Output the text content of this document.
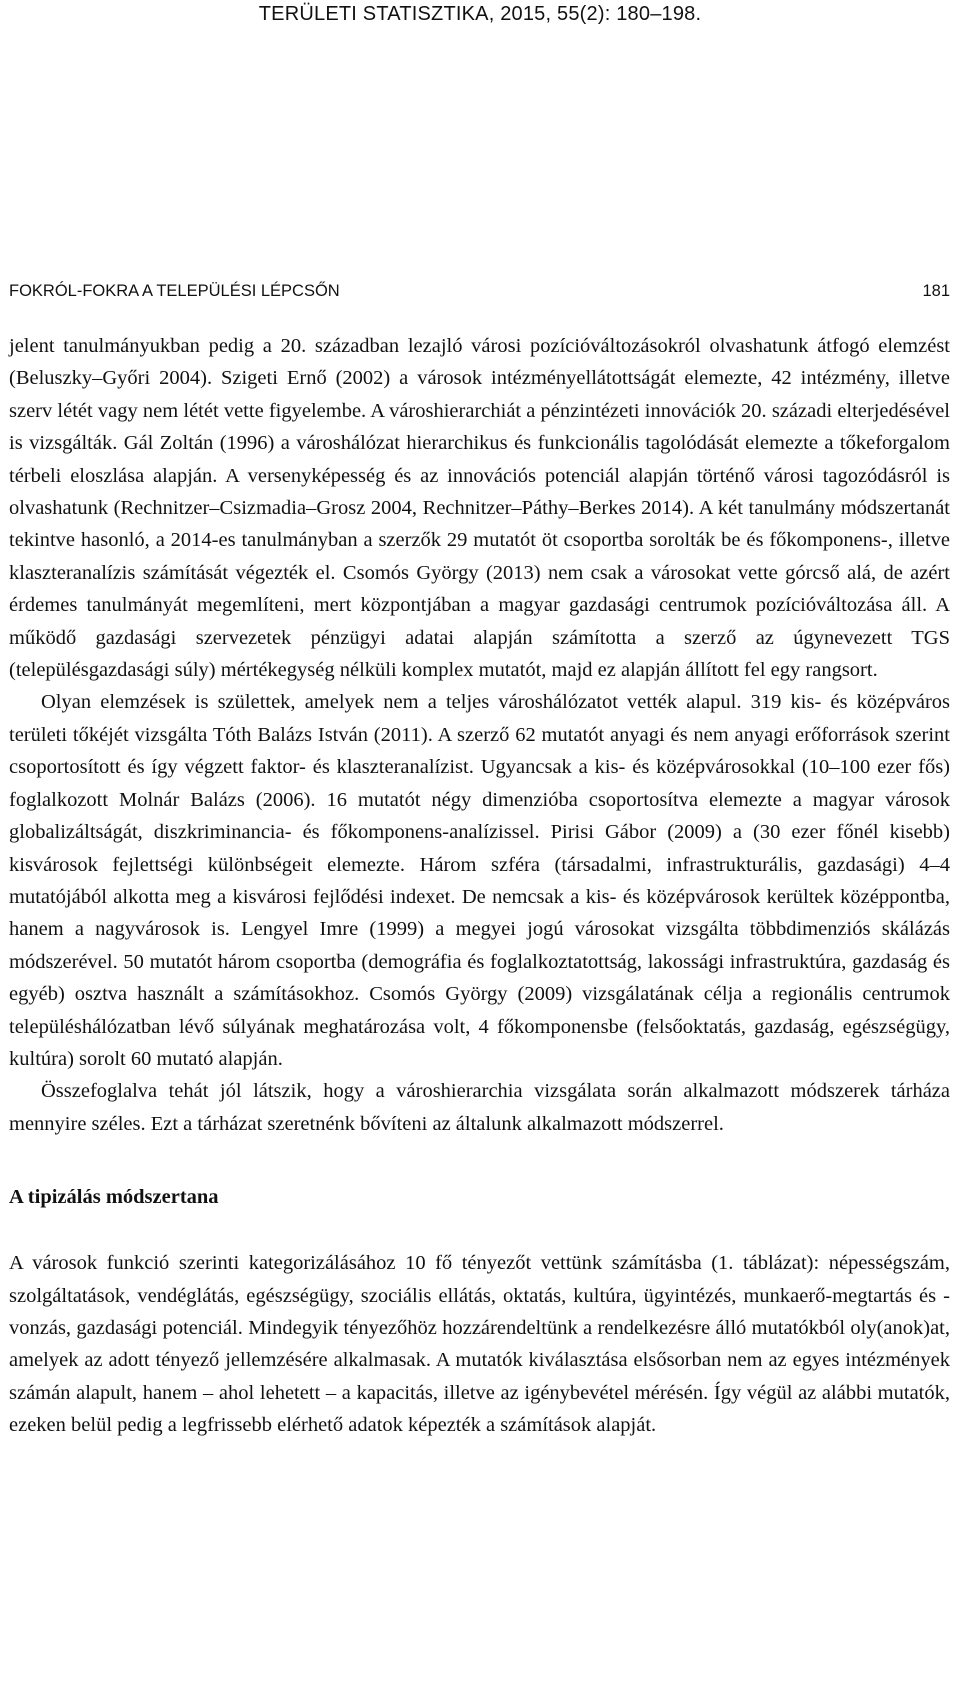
TERÜLETI STATISZTIKA, 2015, 55(2): 180–198.
FOKRÓL-FOKRA A TELEPÜLÉSI LÉPCSŐN	181

jelent tanulmányukban pedig a 20. században lezajló városi pozícióváltozásokról olvashatunk átfogó elemzést (Beluszky–Győri 2004). Szigeti Ernő (2002) a városok intézményellátottságát elemezte, 42 intézmény, illetve szerv létét vagy nem létét vette figyelembe. A városhierarchiát a pénzintézeti innovációk 20. századi elterjedésével is vizsgálták. Gál Zoltán (1996) a városhálózat hierarchikus és funkcionális tagolódását elemezte a tőkeforgalom térbeli eloszlása alapján. A versenyképesség és az innovációs potenciál alapján történő városi tagozódásról is olvashatunk (Rechnitzer–Csizmadia–Grosz 2004, Rechnitzer–Páthy–Berkes 2014). A két tanulmány módszertanát tekintve hasonló, a 2014-es tanulmányban a szerzők 29 mutatót öt csoportba sorolták be és főkomponens-, illetve klaszteranalízis számítását végezték el. Csomós György (2013) nem csak a városokat vette górcső alá, de azért érdemes tanulmányát megemlíteni, mert központjában a magyar gazdasági centrumok pozícióváltozása áll. A működő gazdasági szervezetek pénzügyi adatai alapján számította a szerző az úgynevezett TGS (településgazdasági súly) mértékegység nélküli komplex mutatót, majd ez alapján állított fel egy rangsort.

Olyan elemzések is születtek, amelyek nem a teljes városhálózatot vették alapul. 319 kis- és középváros területi tőkéjét vizsgálta Tóth Balázs István (2011). A szerző 62 mutatót anyagi és nem anyagi erőforrások szerint csoportosított és így végzett faktor- és klaszteranalízist. Ugyancsak a kis- és középvárosokkal (10–100 ezer fős) foglalkozott Molnár Balázs (2006). 16 mutatót négy dimenzióba csoportosítva elemezte a magyar városok globalizáltságát, diszkriminancia- és főkomponens-analízissel. Pirisi Gábor (2009) a (30 ezer főnél kisebb) kisvárosok fejlettségi különbségeit elemezte. Három szféra (társadalmi, infrastrukturális, gazdasági) 4–4 mutatójából alkotta meg a kisvárosi fejlődési indexet. De nemcsak a kis- és középvárosok kerültek középpontba, hanem a nagyvárosok is. Lengyel Imre (1999) a megyei jogú városokat vizsgálta többdimenziós skálázás módszerével. 50 mutatót három csoportba (demográfia és foglalkoztatottság, lakossági infrastruktúra, gazdaság és egyéb) osztva használt a számításokhoz. Csomós György (2009) vizsgálatának célja a regionális centrumok településhálózatban lévő súlyának meghatározása volt, 4 főkomponensbe (felsőoktatás, gazdaság, egészségügy, kultúra) sorolt 60 mutató alapján.

Összefoglalva tehát jól látszik, hogy a városhierarchia vizsgálata során alkalmazott módszerek tárháza mennyire széles. Ezt a tárházat szeretnénk bővíteni az általunk alkalmazott módszerrel.

A tipizálás módszertana

A városok funkció szerinti kategorizálásához 10 fő tényezőt vettünk számításba (1. táblázat): népességszám, szolgáltatások, vendéglátás, egészségügy, szociális ellátás, oktatás, kultúra, ügyintézés, munkaerő-megtartás és -vonzás, gazdasági potenciál. Mindegyik tényezőhöz hozzárendeltünk a rendelkezésre álló mutatókból oly(anok)at, amelyek az adott tényező jellemzésére alkalmasak. A mutatók kiválasztása elsősorban nem az egyes intézmények számán alapult, hanem – ahol lehetett – a kapacitás, illetve az igénybevétel mérésén. Így végül az alábbi mutatók, ezeken belül pedig a legfrissebb elérhető adatok képezték a számítások alapját.
